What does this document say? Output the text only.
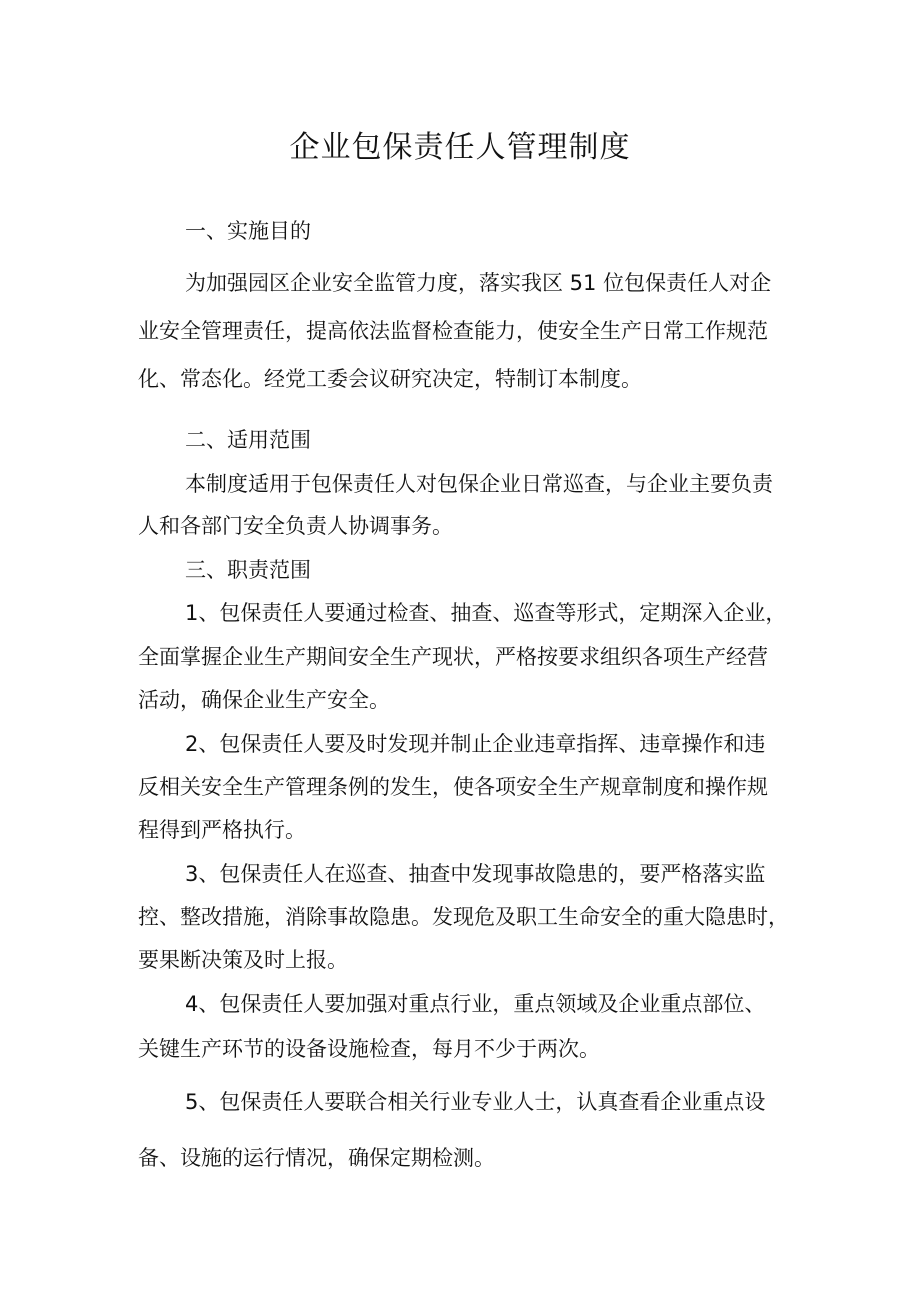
企业包保责任人管理制度
一、实施目的
为加强园区企业安全监管力度，落实我区 51 位包保责任人对企
业安全管理责任，提高依法监督检查能力，使安全生产日常工作规范
化、常态化。经党工委会议研究决定，特制订本制度。
二、适用范围
本制度适用于包保责任人对包保企业日常巡查，与企业主要负责
人和各部门安全负责人协调事务。
三、职责范围
1、包保责任人要通过检查、抽查、巡查等形式，定期深入企业，
全面掌握企业生产期间安全生产现状，严格按要求组织各项生产经营
活动，确保企业生产安全。
2、包保责任人要及时发现并制止企业违章指挥、违章操作和违
反相关安全生产管理条例的发生，使各项安全生产规章制度和操作规
程得到严格执行。
3、包保责任人在巡查、抽查中发现事故隐患的，要严格落实监
控、整改措施，消除事故隐患。发现危及职工生命安全的重大隐患时，
要果断决策及时上报。
4、包保责任人要加强对重点行业，重点领域及企业重点部位、
关键生产环节的设备设施检查，每月不少于两次。
5、包保责任人要联合相关行业专业人士，认真查看企业重点设
备、设施的运行情况，确保定期检测。
